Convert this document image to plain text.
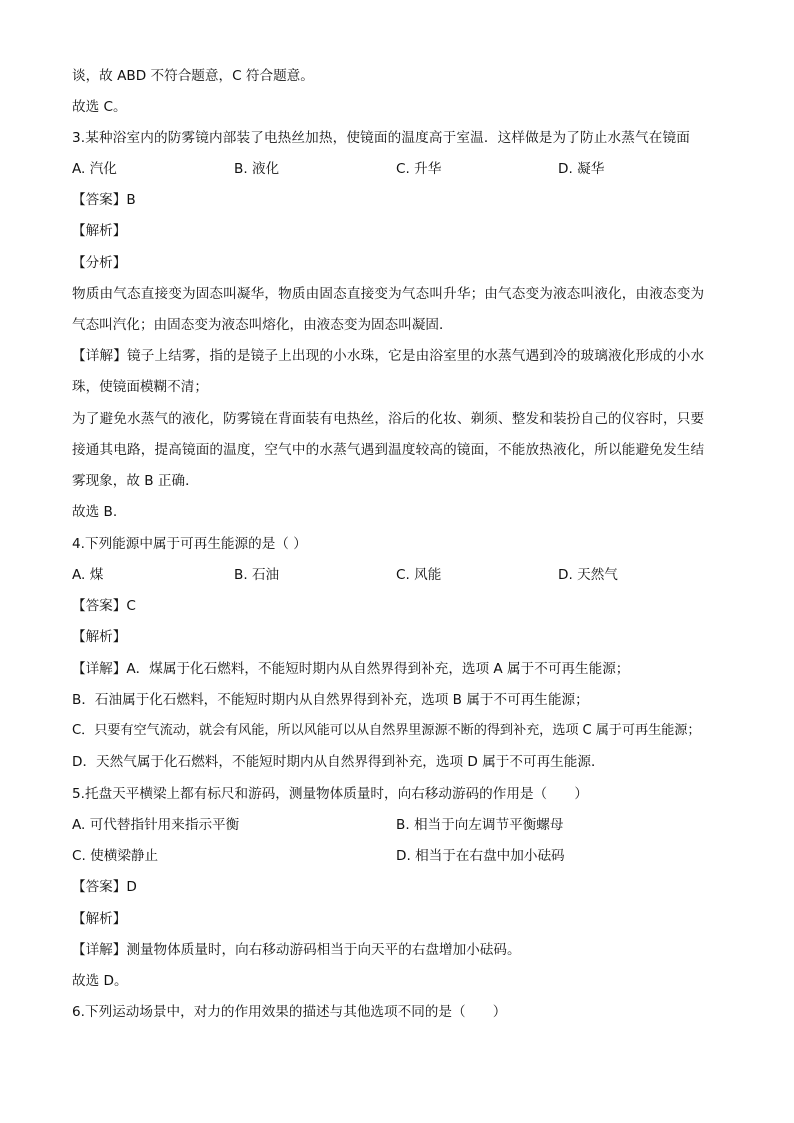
谈，故 ABD 不符合题意，C 符合题意。
故选 C。
3.某种浴室内的防雾镜内部装了电热丝加热，使镜面的温度高于室温．这样做是为了防止水蒸气在镜面
A. 汽化	B. 液化	C. 升华	D. 凝华
【答案】B
【解析】
【分析】
物质由气态直接变为固态叫凝华，物质由固态直接变为气态叫升华；由气态变为液态叫液化，由液态变为
气态叫汽化；由固态变为液态叫熔化，由液态变为固态叫凝固．
【详解】镜子上结雾，指的是镜子上出现的小水珠，它是由浴室里的水蒸气遇到冷的玻璃液化形成的小水
珠，使镜面模糊不清；
为了避免水蒸气的液化，防雾镜在背面装有电热丝，浴后的化妆、剃须、整发和装扮自己的仪容时，只要
接通其电路，提高镜面的温度，空气中的水蒸气遇到温度较高的镜面，不能放热液化，所以能避免发生结
雾现象，故 B 正确．
故选 B.
4.下列能源中属于可再生能源的是（ ）
A. 煤	B. 石油	C. 风能	D. 天然气
【答案】C
【解析】
【详解】A．煤属于化石燃料，不能短时期内从自然界得到补充，选项 A 属于不可再生能源；
B．石油属于化石燃料，不能短时期内从自然界得到补充，选项 B 属于不可再生能源；
C．只要有空气流动，就会有风能，所以风能可以从自然界里源源不断的得到补充，选项 C 属于可再生能源；
D．天然气属于化石燃料，不能短时期内从自然界得到补充，选项 D 属于不可再生能源．
5.托盘天平横梁上都有标尺和游码，测量物体质量时，向右移动游码的作用是（　　）
A. 可代替指针用来指示平衡	B. 相当于向左调节平衡螺母
C. 使横梁静止	D. 相当于在右盘中加小砝码
【答案】D
【解析】
【详解】测量物体质量时，向右移动游码相当于向天平的右盘增加小砝码。
故选 D。
6.下列运动场景中，对力的作用效果的描述与其他选项不同的是（　　）
